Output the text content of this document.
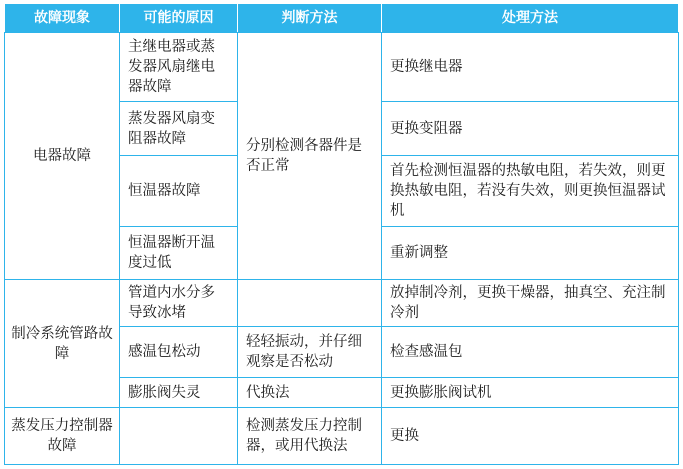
故障现象	可能的原因	判断方法	处理方法
电器故障	主继电器或蒸发器风扇继电器故障	分别检测各器件是否正常	更换继电器
	蒸发器风扇变阻器故障		更换变阻器
	恒温器故障		首先检测恒温器的热敏电阻，若失效，则更换热敏电阻，若没有失效，则更换恒温器试机
	恒温器断开温度过低		重新调整
制冷系统管路故障	管道内水分多导致冰堵		放掉制冷剂，更换干燥器，抽真空、充注制冷剂
	感温包松动	轻轻振动，并仔细观察是否松动	检查感温包
	膨胀阀失灵	代换法	更换膨胀阀试机
蒸发压力控制器故障		检测蒸发压力控制器，或用代换法	更换
